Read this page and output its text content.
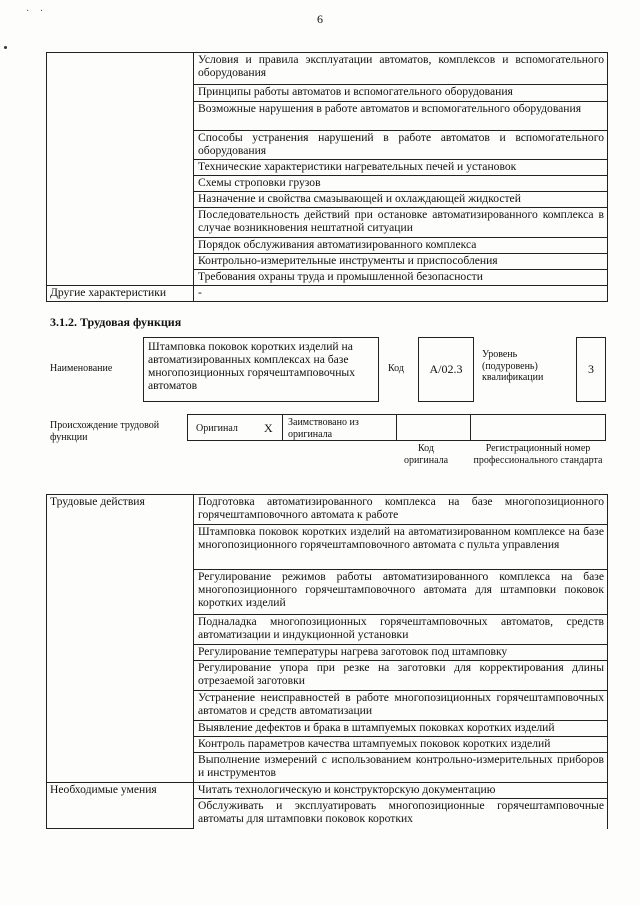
· ·
6
	Условия и правила эксплуатации автоматов, комплексов и вспомогательного оборудования
	Принципы работы автоматов и вспомогательного оборудования
	Возможные нарушения в работе автоматов и вспомогательного оборудования
	Способы устранения нарушений в работе автоматов и вспомогательного оборудования
	Технические характеристики нагревательных печей и установок
	Схемы строповки грузов
	Назначение и свойства смазывающей и охлаждающей жидкостей
	Последовательность действий при остановке автоматизированного комплекса в случае возникновения нештатной ситуации
	Порядок обслуживания автоматизированного комплекса
	Контрольно-измерительные инструменты и приспособления
	Требования охраны труда и промышленной безопасности
Другие характеристики	-
3.1.2. Трудовая функция
Наименование
Штамповка поковок коротких изделий на автоматизированных комплексах на базе многопозиционных горячештамповочных автоматов
Код А/02.3
Уровень (подуровень) квалификации
3
Происхождение трудовой функции
Оригинал X Заимствовано из оригинала
Код оригинала
Регистрационный номер профессионального стандарта
Трудовые действия	Подготовка автоматизированного комплекса на базе многопозиционного горячештамповочного автомата к работе
	Штамповка поковок коротких изделий на автоматизированном комплексе на базе многопозиционного горячештамповочного автомата с пульта управления
	Регулирование режимов работы автоматизированного комплекса на базе многопозиционного горячештамповочного автомата для штамповки поковок коротких изделий
	Подналадка многопозиционных горячештамповочных автоматов, средств автоматизации и индукционной установки
	Регулирование температуры нагрева заготовок под штамповку
	Регулирование упора при резке на заготовки для корректирования длины отрезаемой заготовки
	Устранение неисправностей в работе многопозиционных горячештамповочных автоматов и средств автоматизации
	Выявление дефектов и брака в штампуемых поковках коротких изделий
	Контроль параметров качества штампуемых поковок коротких изделий
	Выполнение измерений с использованием контрольно-измерительных приборов и инструментов
Необходимые умения	Читать технологическую и конструкторскую документацию
	Обслуживать и эксплуатировать многопозиционные горячештамповочные автоматы для штамповки поковок коротких
